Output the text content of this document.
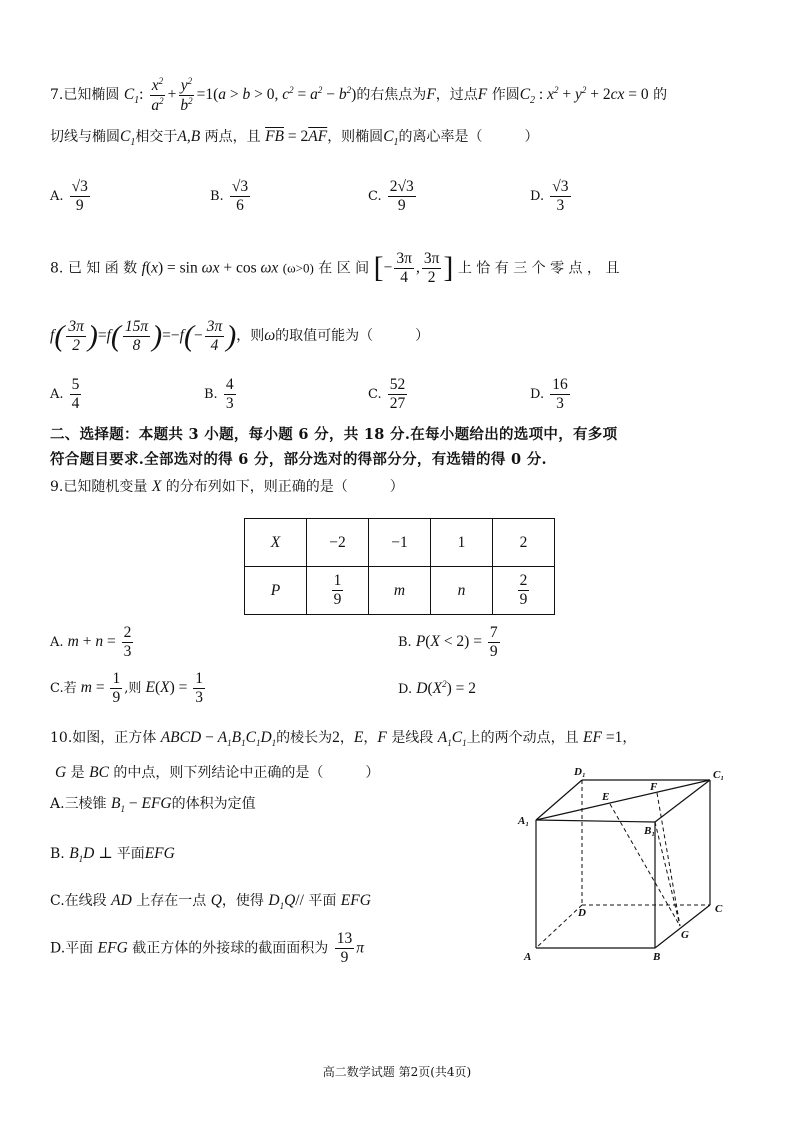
7.已知椭圆 $C_1$: $\frac{x^2}{a^2} + \frac{y^2}{b^2} =1(a > b > 0$, $c^2 = a^2 - b^2$)的右焦点为F，过点F 作圆$C_2$ : $x^2 + y^2 + 2cx = 0$ 的
切线与椭圆$C_1$相交于A,B 两点，且 $\overline{FB} = 2\overline{AF}$，则椭圆$C_1$的离心率是（　　　）
A. $\frac{√3}{9}$	B. $\frac{√3}{6}$	C. $\frac{2√3}{9}$	D. $\frac{√3}{3}$
8. 已 知 函 数 f(x) = sin ωx + cos ωx (ω>0) 在 区 间 [− $\frac{3\pi}{4}$ , $\frac{3\pi}{2}$ ] 上 恰 有 三 个 零 点 ， 且
$f( \frac{3\pi}{2} )=f( \frac{15\pi}{8} )=-f(- \frac{3\pi}{4}$ )，则ω的取值可能为（　　　）
A. $\frac{5}{4}$	B. $\frac{4}{3}$	C. $\frac{52}{27}$	D. $\frac{16}{3}$
二、选择题：本题共 3 小题，每小题 6 分，共 18 分.在每小题给出的选项中，有多项
符合题目要求.全部选对的得 6 分，部分选对的得部分分，有选错的得 0 分.
9.已知随机变量 X 的分布列如下，则正确的是（　　　）
X	−2	−1	1	2
P	$\frac{1}{9}$	m	n	$\frac{2}{9}$
A. $m + n = \frac{2}{3}$	B. $P(X < 2) = \frac{7}{9}$
C.若 $m = \frac{1}{9}$ ,则 $E(X) = \frac{1}{3}$	D. $D(X^2) = 2$
10.如图，正方体 ABCD − $A_1B_1C_1D_1$的棱长为2，E，F 是线段 $A_1C_1$上的两个动点，且 EF =1，
G 是 BC 的中点，则下列结论中正确的是（　　　）
A.三棱锥 $B_1$ − EFG的体积为定值
B. $B_1D$ ⊥ 平面EFG
C.在线段 AD 上存在一点 Q，使得 $D_1Q//$ 平面 EFG
D.平面 EFG 截正方体的外接球的截面面积为 $\frac{13}{9}$ π
D₁	C₁
A₁
B₁
E
F
D	C
A	B
G
高二数学试题 第2页(共4页)
